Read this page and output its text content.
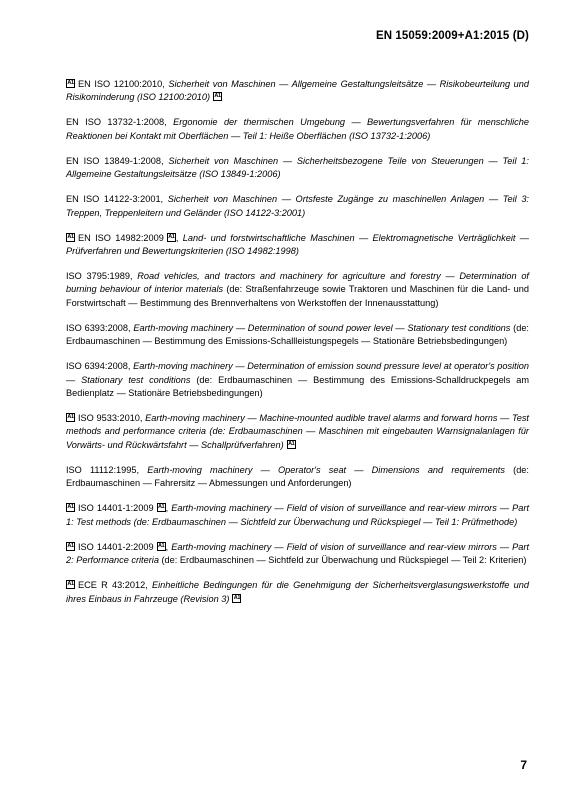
EN 15059:2009+A1:2015 (D)

A1 EN ISO 12100:2010, Sicherheit von Maschinen — Allgemeine Gestaltungsleitsätze — Risikobeurteilung und Risikominderung (ISO 12100:2010) A1

EN ISO 13732-1:2008, Ergonomie der thermischen Umgebung — Bewertungsverfahren für menschliche Reaktionen bei Kontakt mit Oberflächen — Teil 1: Heiße Oberflächen (ISO 13732-1:2006)

EN ISO 13849-1:2008, Sicherheit von Maschinen — Sicherheitsbezogene Teile von Steuerungen — Teil 1: Allgemeine Gestaltungsleitsätze (ISO 13849-1:2006)

EN ISO 14122-3:2001, Sicherheit von Maschinen — Ortsfeste Zugänge zu maschinellen Anlagen — Teil 3: Treppen, Treppenleitern und Geländer (ISO 14122-3:2001)

A1 EN ISO 14982:2009 A1, Land- und forstwirtschaftliche Maschinen — Elektromagnetische Verträglichkeit — Prüfverfahren und Bewertungskriterien (ISO 14982:1998)

ISO 3795:1989, Road vehicles, and tractors and machinery for agriculture and forestry — Determination of burning behaviour of interior materials (de: Straßenfahrzeuge sowie Traktoren und Maschinen für die Land- und Forstwirtschaft — Bestimmung des Brennverhaltens von Werkstoffen der Innenausstattung)

ISO 6393:2008, Earth-moving machinery — Determination of sound power level — Stationary test conditions (de: Erdbaumaschinen — Bestimmung des Emissions-Schallleistungspegels — Stationäre Betriebsbedingungen)

ISO 6394:2008, Earth-moving machinery — Determination of emission sound pressure level at operator's position — Stationary test conditions (de: Erdbaumaschinen — Bestimmung des Emissions-Schalldruckpegels am Bedienplatz — Stationäre Betriebsbedingungen)

A1 ISO 9533:2010, Earth-moving machinery — Machine-mounted audible travel alarms and forward horns — Test methods and performance criteria (de: Erdbaumaschinen — Maschinen mit eingebauten Warnsignalanlagen für Vorwärts- und Rückwärtsfahrt — Schallprüfverfahren) A1

ISO 11112:1995, Earth-moving machinery — Operator's seat — Dimensions and requirements (de: Erdbaumaschinen — Fahrersitz — Abmessungen und Anforderungen)

A1 ISO 14401-1:2009 A1, Earth-moving machinery — Field of vision of surveillance and rear-view mirrors — Part 1: Test methods (de: Erdbaumaschinen — Sichtfeld zur Überwachung und Rückspiegel — Teil 1: Prüfmethode)

A1 ISO 14401-2:2009 A1, Earth-moving machinery — Field of vision of surveillance and rear-view mirrors — Part 2: Performance criteria (de: Erdbaumaschinen — Sichtfeld zur Überwachung und Rückspiegel — Teil 2: Kriterien)

A1 ECE R 43:2012, Einheitliche Bedingungen für die Genehmigung der Sicherheitsverglasungswerkstoffe und ihres Einbaus in Fahrzeuge (Revision 3) A1

7
